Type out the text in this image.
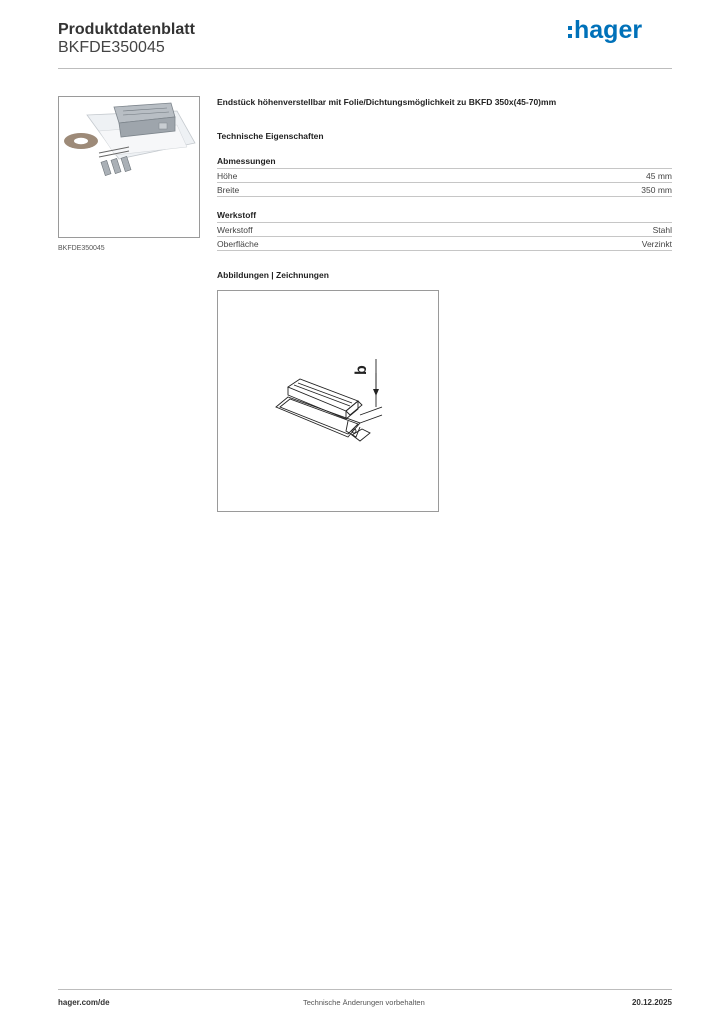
Produktdatenblatt
BKFDE350045
hager
BKFDE350045
Endstück höhenverstellbar mit Folie/Dichtungsmöglichkeit zu BKFD 350x(45-70)mm
Technische Eigenschaften
Abmessungen
Höhe	45 mm
Breite	350 mm
Werkstoff
Werkstoff	Stahl
Oberfläche	Verzinkt
Abbildungen | Zeichnungen
b
hager.com/de	Technische Änderungen vorbehalten	20.12.2025
